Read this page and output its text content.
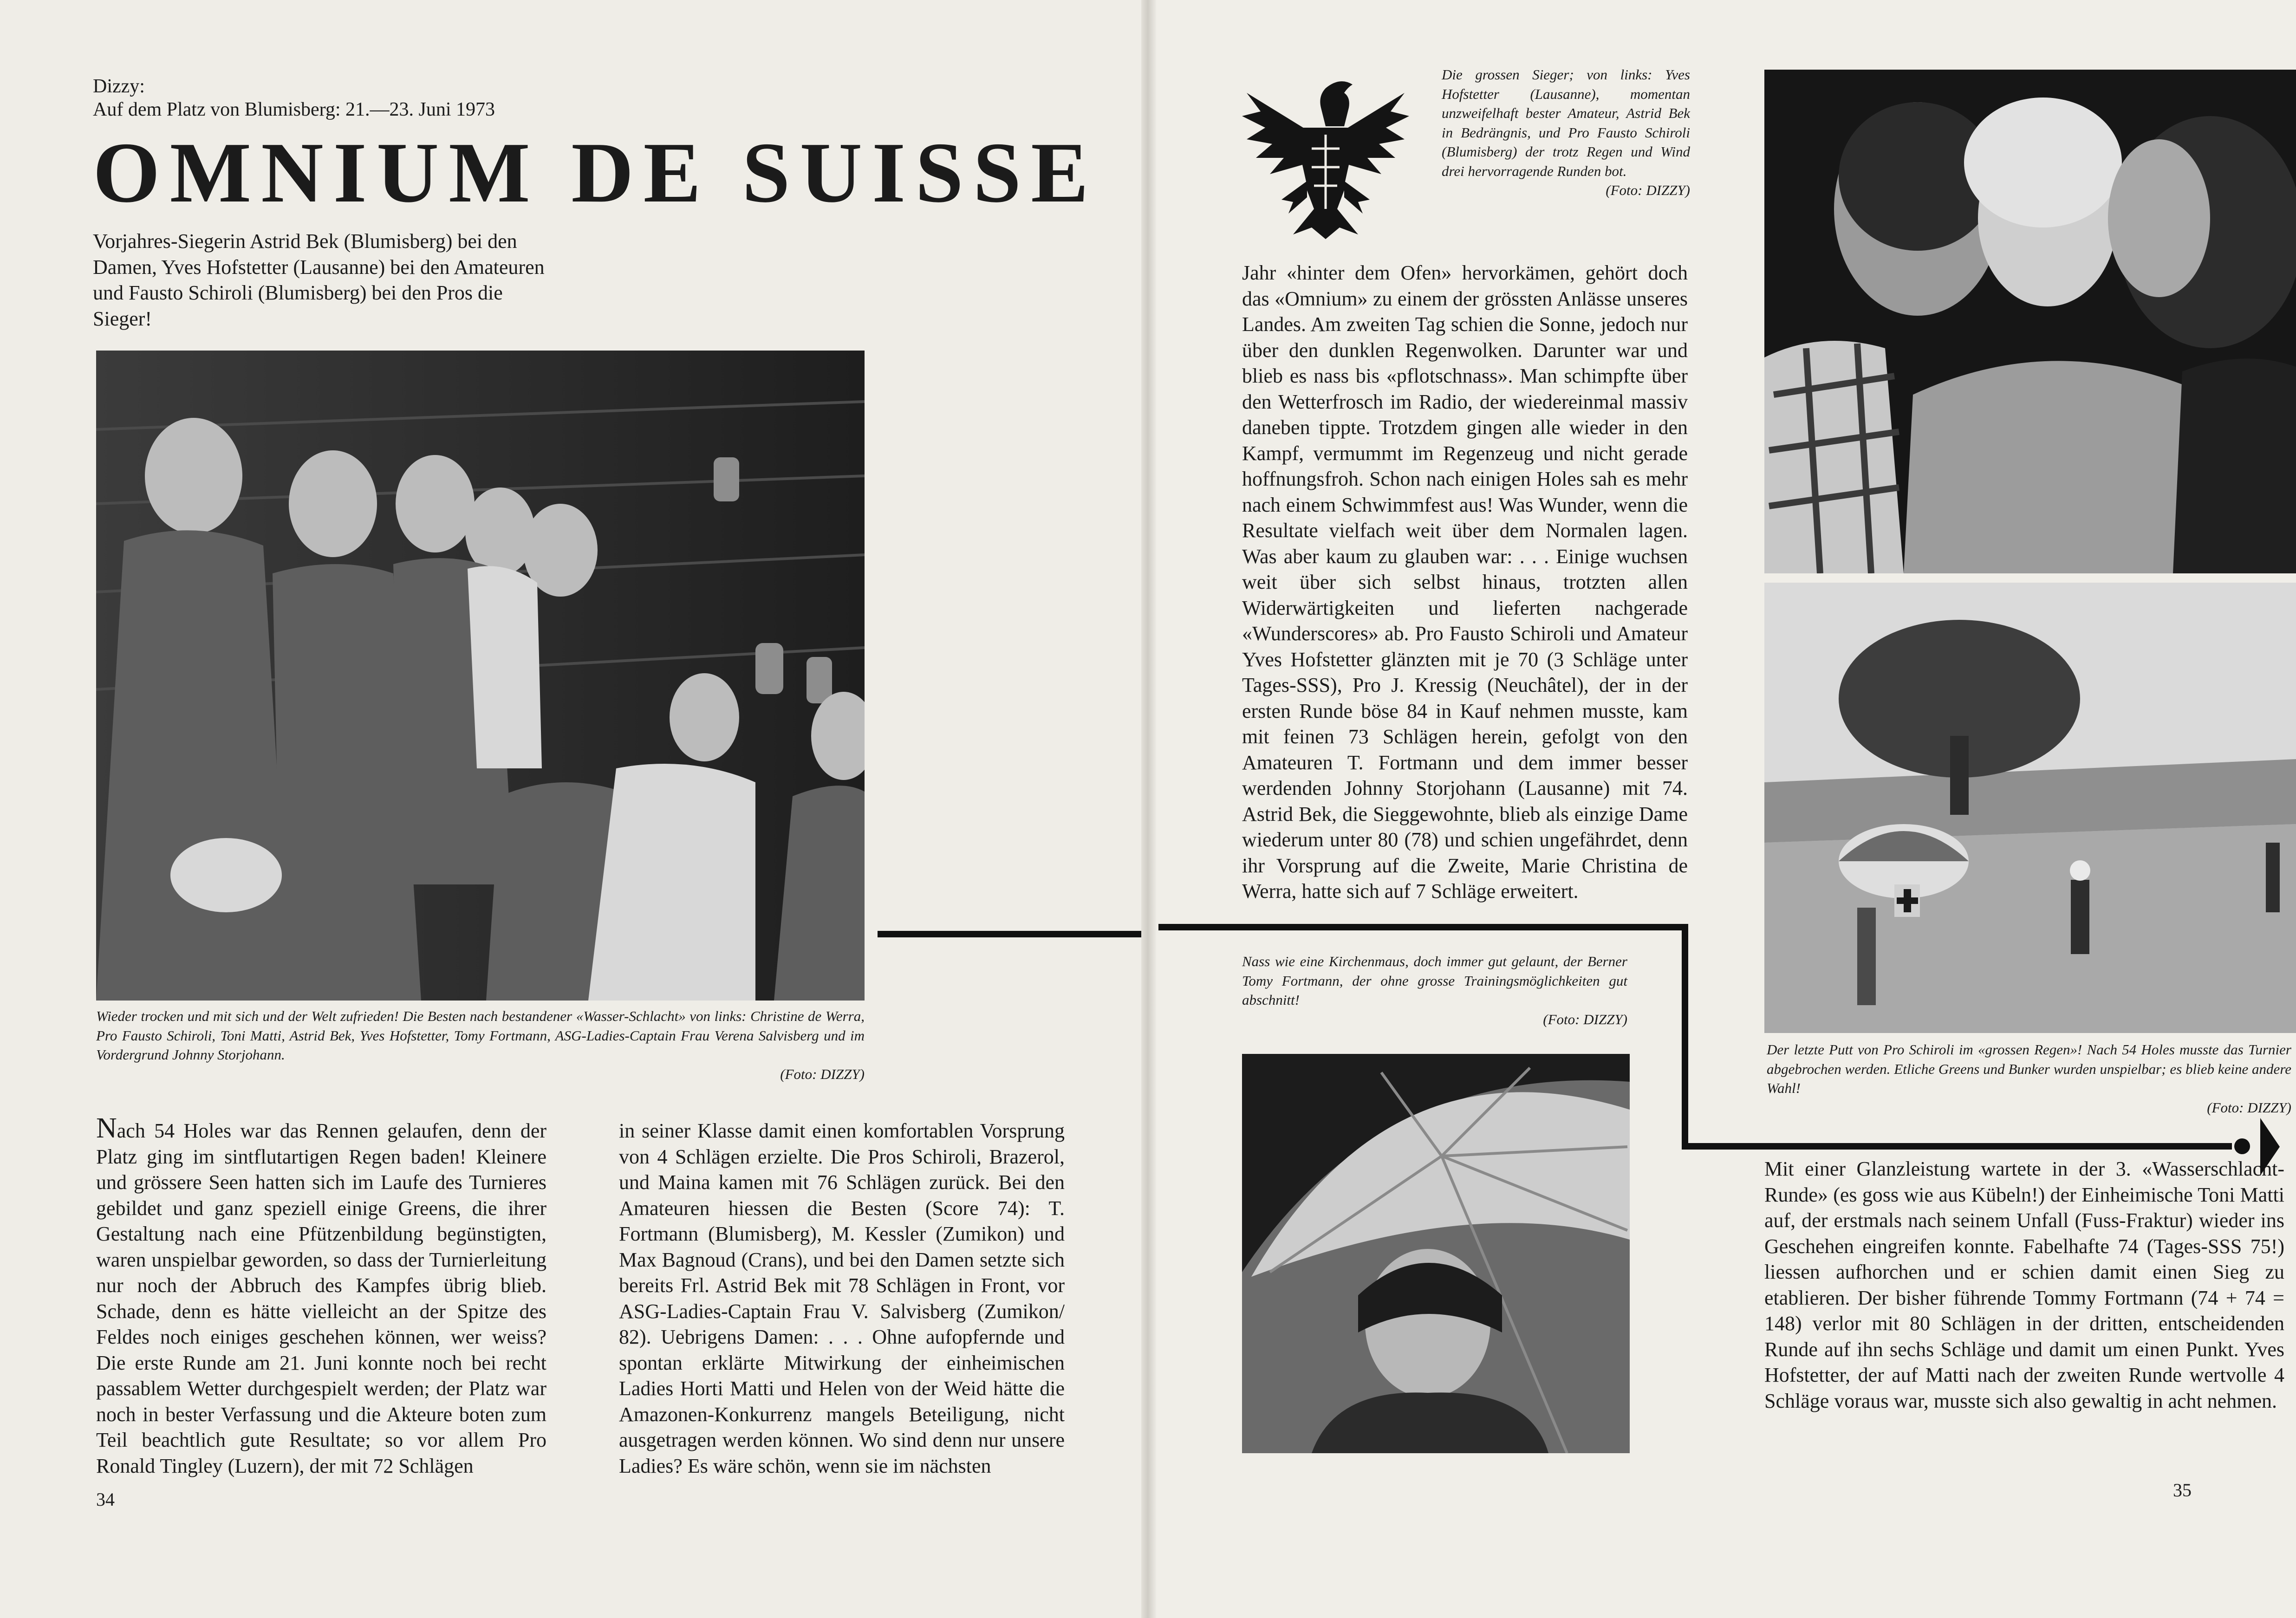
Dizzy:
Auf dem Platz von Blumisberg: 21.—23. Juni 1973
OMNIUM DE SUISSE
Vorjahres-Siegerin Astrid Bek (Blumisberg) bei den Damen, Yves Hofstetter (Lausanne) bei den Amateuren und Fausto Schiroli (Blumisberg) bei den Pros die Sieger!
Wieder trocken und mit sich und der Welt zufrieden! Die Besten nach bestandener «Wasser-Schlacht» von links: Christine de Werra, Pro Fausto Schiroli, Toni Matti, Astrid Bek, Yves Hofstetter, Tomy Fortmann, ASG-Ladies-Captain Frau Verena Salvisberg und im Vordergrund Johnny Storjohann.
(Foto: DIZZY)
Nach 54 Holes war das Rennen gelaufen, denn der Platz ging im sintflutartigen Regen baden! Kleinere und grössere Seen hatten sich im Laufe des Turnieres gebildet und ganz speziell einige Greens, die ihrer Gestaltung nach eine Pfützenbildung begünstigten, waren unspielbar geworden, so dass der Turnierleitung nur noch der Abbruch des Kampfes übrig blieb. Schade, denn es hätte vielleicht an der Spitze des Feldes noch einiges geschehen können, wer weiss? Die erste Runde am 21. Juni konnte noch bei recht passablem Wetter durchgespielt werden; der Platz war noch in bester Verfassung und die Akteure boten zum Teil beachtlich gute Resultate; so vor allem Pro Ronald Tingley (Luzern), der mit 72 Schlägen
in seiner Klasse damit einen komfortablen Vorsprung von 4 Schlägen erzielte. Die Pros Schiroli, Brazerol, und Maina kamen mit 76 Schlägen zurück. Bei den Amateuren hiessen die Besten (Score 74): T. Fortmann (Blumisberg), M. Kessler (Zumikon) und Max Bagnoud (Crans), und bei den Damen setzte sich bereits Frl. Astrid Bek mit 78 Schlägen in Front, vor ASG-Ladies-Captain Frau V. Salvisberg (Zumikon/ 82). Uebrigens Damen: . . . Ohne aufopfernde und spontan erklärte Mitwirkung der einheimischen Ladies Horti Matti und Helen von der Weid hätte die Amazonen-Konkurrenz mangels Beteiligung, nicht ausgetragen werden können. Wo sind denn nur unsere Ladies? Es wäre schön, wenn sie im nächsten
34
Die grossen Sieger; von links: Yves Hofstetter (Lausanne), momentan unzweifelhaft bester Amateur, Astrid Bek in Bedrängnis, und Pro Fausto Schiroli (Blumisberg) der trotz Regen und Wind drei hervorragende Runden bot.
(Foto: DIZZY)
Der letzte Putt von Pro Schiroli im «grossen Regen»! Nach 54 Holes musste das Turnier abgebrochen werden. Etliche Greens und Bunker wurden unspielbar; es blieb keine andere Wahl!
(Foto: DIZZY)
Jahr «hinter dem Ofen» hervorkämen, gehört doch das «Omnium» zu einem der grössten Anlässe unseres Landes. Am zweiten Tag schien die Sonne, jedoch nur über den dunklen Regenwolken. Darunter war und blieb es nass bis «pflotschnass». Man schimpfte über den Wetterfrosch im Radio, der wiedereinmal massiv daneben tippte. Trotzdem gingen alle wieder in den Kampf, vermummt im Regenzeug und nicht gerade hoffnungsfroh. Schon nach einigen Holes sah es mehr nach einem Schwimmfest aus! Was Wunder, wenn die Resultate vielfach weit über dem Normalen lagen. Was aber kaum zu glauben war: . . . Einige wuchsen weit über sich selbst hinaus, trotzten allen Widerwärtigkeiten und lieferten nachgerade «Wunderscores» ab. Pro Fausto Schiroli und Amateur Yves Hofstetter glänzten mit je 70 (3 Schläge unter Tages-SSS), Pro J. Kressig (Neuchâtel), der in der ersten Runde böse 84 in Kauf nehmen musste, kam mit feinen 73 Schlägen herein, gefolgt von den Amateuren T. Fortmann und dem immer besser werdenden Johnny Storjohann (Lausanne) mit 74. Astrid Bek, die Sieggewohnte, blieb als einzige Dame wiederum unter 80 (78) und schien ungefährdet, denn ihr Vorsprung auf die Zweite, Marie Christina de Werra, hatte sich auf 7 Schläge erweitert.
Nass wie eine Kirchenmaus, doch immer gut gelaunt, der Berner Tomy Fortmann, der ohne grosse Trainingsmöglichkeiten gut abschnitt!
(Foto: DIZZY)
Mit einer Glanzleistung wartete in der 3. «Wasserschlacht-Runde» (es goss wie aus Kübeln!) der Einheimische Toni Matti auf, der erstmals nach seinem Unfall (Fuss-Fraktur) wieder ins Geschehen eingreifen konnte. Fabelhafte 74 (Tages-SSS 75!) liessen aufhorchen und er schien damit einen Sieg zu etablieren. Der bisher führende Tommy Fortmann (74 + 74 = 148) verlor mit 80 Schlägen in der dritten, entscheidenden Runde auf ihn sechs Schläge und damit um einen Punkt. Yves Hofstetter, der auf Matti nach der zweiten Runde wertvolle 4 Schläge voraus war, musste sich also gewaltig in acht nehmen.
35
